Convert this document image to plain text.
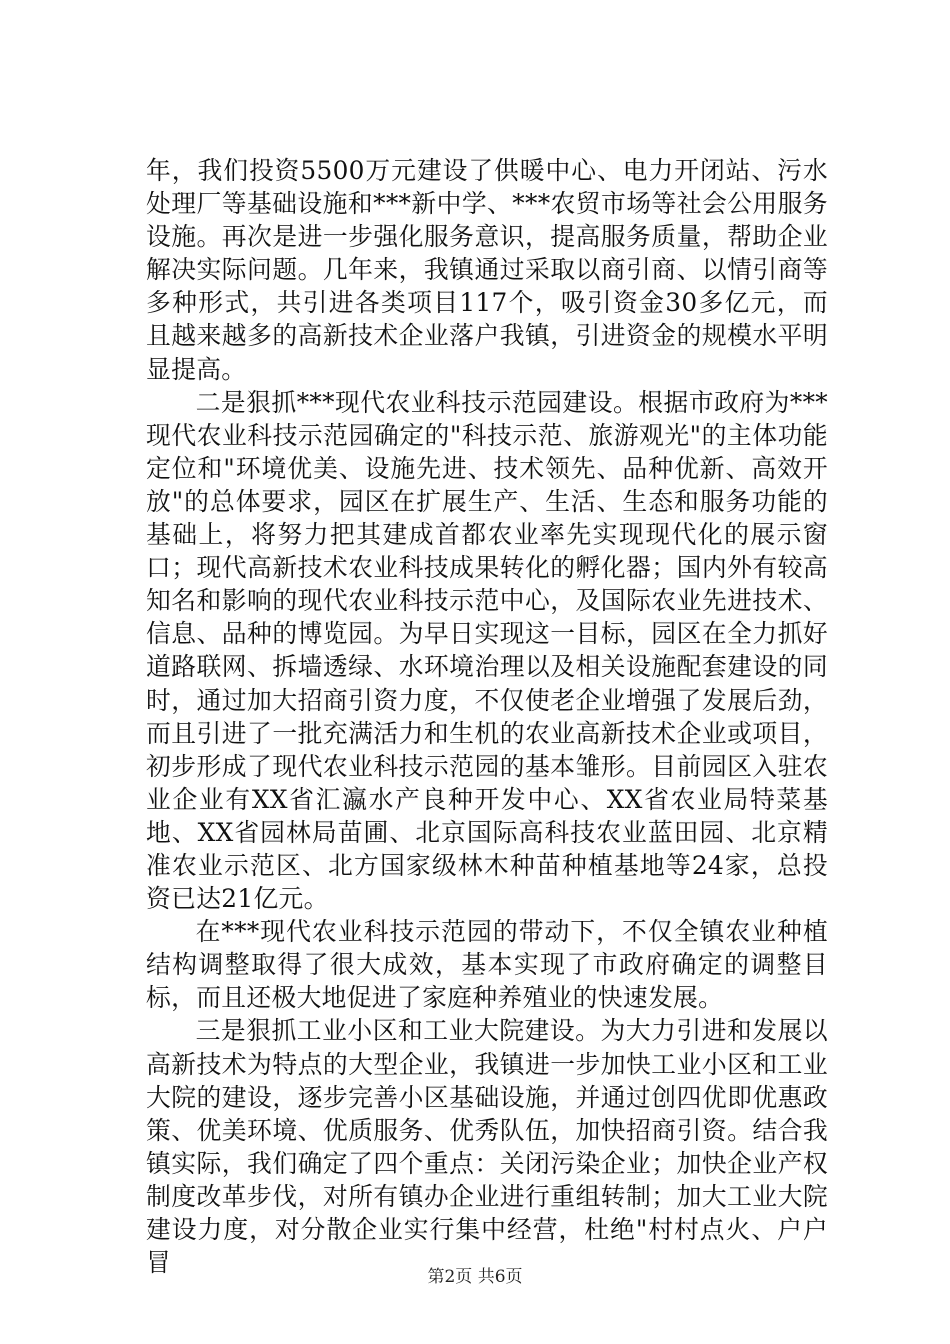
年，我们投资5500万元建设了供暖中心、电力开闭站、污水处理厂等基础设施和***新中学、***农贸市场等社会公用服务设施。再次是进一步强化服务意识，提高服务质量，帮助企业解决实际问题。几年来，我镇通过采取以商引商、以情引商等多种形式，共引进各类项目117个，吸引资金30多亿元，而且越来越多的高新技术企业落户我镇，引进资金的规模水平明显提高。

二是狠抓***现代农业科技示范园建设。根据市政府为***现代农业科技示范园确定的"科技示范、旅游观光"的主体功能定位和"环境优美、设施先进、技术领先、品种优新、高效开放"的总体要求，园区在扩展生产、生活、生态和服务功能的基础上，将努力把其建成首都农业率先实现现代化的展示窗口；现代高新技术农业科技成果转化的孵化器；国内外有较高知名和影响的现代农业科技示范中心，及国际农业先进技术、信息、品种的博览园。为早日实现这一目标，园区在全力抓好道路联网、拆墙透绿、水环境治理以及相关设施配套建设的同时，通过加大招商引资力度，不仅使老企业增强了发展后劲，而且引进了一批充满活力和生机的农业高新技术企业或项目，初步形成了现代农业科技示范园的基本雏形。目前园区入驻农业企业有XX省汇瀛水产良种开发中心、XX省农业局特菜基地、XX省园林局苗圃、北京国际高科技农业蓝田园、北京精准农业示范区、北方国家级林木种苗种植基地等24家，总投资已达21亿元。

在***现代农业科技示范园的带动下，不仅全镇农业种植结构调整取得了很大成效，基本实现了市政府确定的调整目标，而且还极大地促进了家庭种养殖业的快速发展。

三是狠抓工业小区和工业大院建设。为大力引进和发展以高新技术为特点的大型企业，我镇进一步加快工业小区和工业大院的建设，逐步完善小区基础设施，并通过创四优即优惠政策、优美环境、优质服务、优秀队伍，加快招商引资。结合我镇实际，我们确定了四个重点：关闭污染企业；加快企业产权制度改革步伐，对所有镇办企业进行重组转制；加大工业大院建设力度，对分散企业实行集中经营，杜绝"村村点火、户户冒	第2页 共6页
